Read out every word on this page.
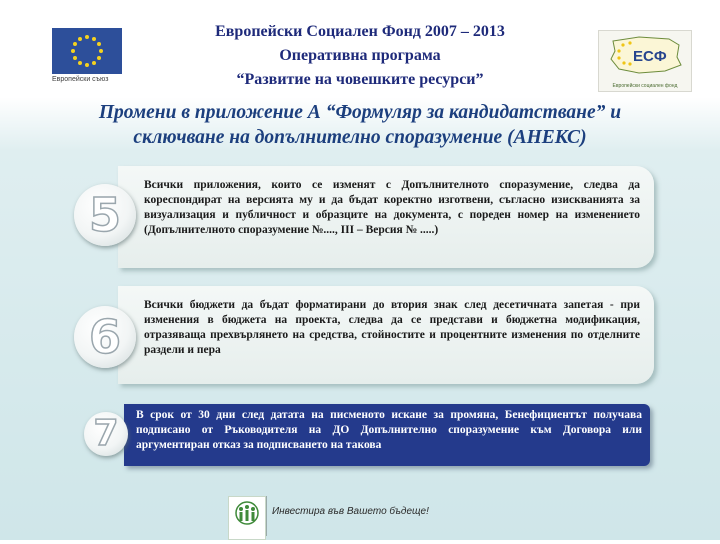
Европейски съюз
Европейски Социален Фонд 2007 – 2013
Оперативна програма
“Развитие на човешките ресурси”
ЕСФ
Европейски социален фонд
Промени в приложение А “Формуляр за кандидатстване” и
сключване на допълнително споразумение (АНЕКС)
Всички приложения, които се изменят с Допълнителното споразумение, следва да кореспондират на версията му и да бъдат коректно изготвени, съгласно изискванията за визуализация и публичност и образците на документа, с пореден номер на изменението (Допълнителното споразумение №...., ІІІ – Версия № .....)
5
Всички бюджети да бъдат форматирани до втория знак след десетичната запетая - при изменения в бюджета на проекта, следва да се представи и бюджетна модификация, отразяваща прехвърлянето на средства, стойностите и процентните изменения по отделните раздели и пера
6
В срок от 30 дни след датата на писменото искане за промяна, Бенефициентът получава подписано от Ръководителя на ДО Допълнително споразумение към Договора или аргументиран отказ за подписването на такова
7
Инвестира във Вашето бъдеще!
